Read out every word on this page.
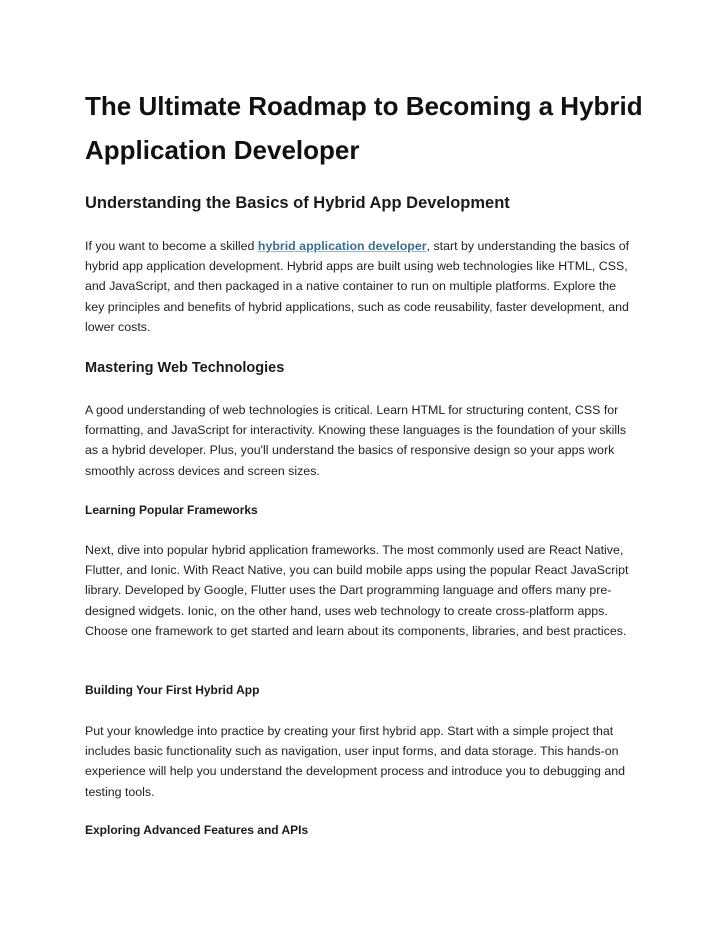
The Ultimate Roadmap to Becoming a Hybrid Application Developer
Understanding the Basics of Hybrid App Development

If you want to become a skilled hybrid application developer, start by understanding the basics of hybrid app application development. Hybrid apps are built using web technologies like HTML, CSS, and JavaScript, and then packaged in a native container to run on multiple platforms. Explore the key principles and benefits of hybrid applications, such as code reusability, faster development, and lower costs.

Mastering Web Technologies

A good understanding of web technologies is critical. Learn HTML for structuring content, CSS for formatting, and JavaScript for interactivity. Knowing these languages is the foundation of your skills as a hybrid developer. Plus, you'll understand the basics of responsive design so your apps work smoothly across devices and screen sizes.

Learning Popular Frameworks

Next, dive into popular hybrid application frameworks. The most commonly used are React Native, Flutter, and Ionic. With React Native, you can build mobile apps using the popular React JavaScript library. Developed by Google, Flutter uses the Dart programming language and offers many pre-designed widgets. Ionic, on the other hand, uses web technology to create cross-platform apps. Choose one framework to get started and learn about its components, libraries, and best practices.

Building Your First Hybrid App

Put your knowledge into practice by creating your first hybrid app. Start with a simple project that includes basic functionality such as navigation, user input forms, and data storage. This hands-on experience will help you understand the development process and introduce you to debugging and testing tools.

Exploring Advanced Features and APIs
